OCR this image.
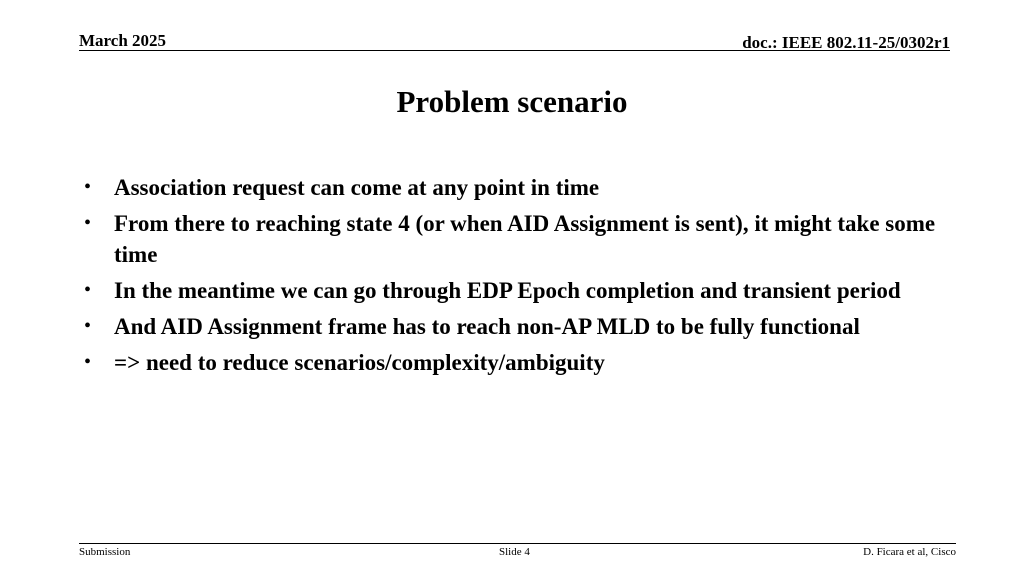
March 2025	doc.: IEEE 802.11-25/0302r1
Problem scenario
• Association request can come at any point in time
• From there to reaching state 4 (or when AID Assignment is sent), it might take some time
• In the meantime we can go through EDP Epoch completion and transient period
• And AID Assignment frame has to reach non-AP MLD to be fully functional
• => need to reduce scenarios/complexity/ambiguity
Submission	Slide 4	D. Ficara et al, Cisco
